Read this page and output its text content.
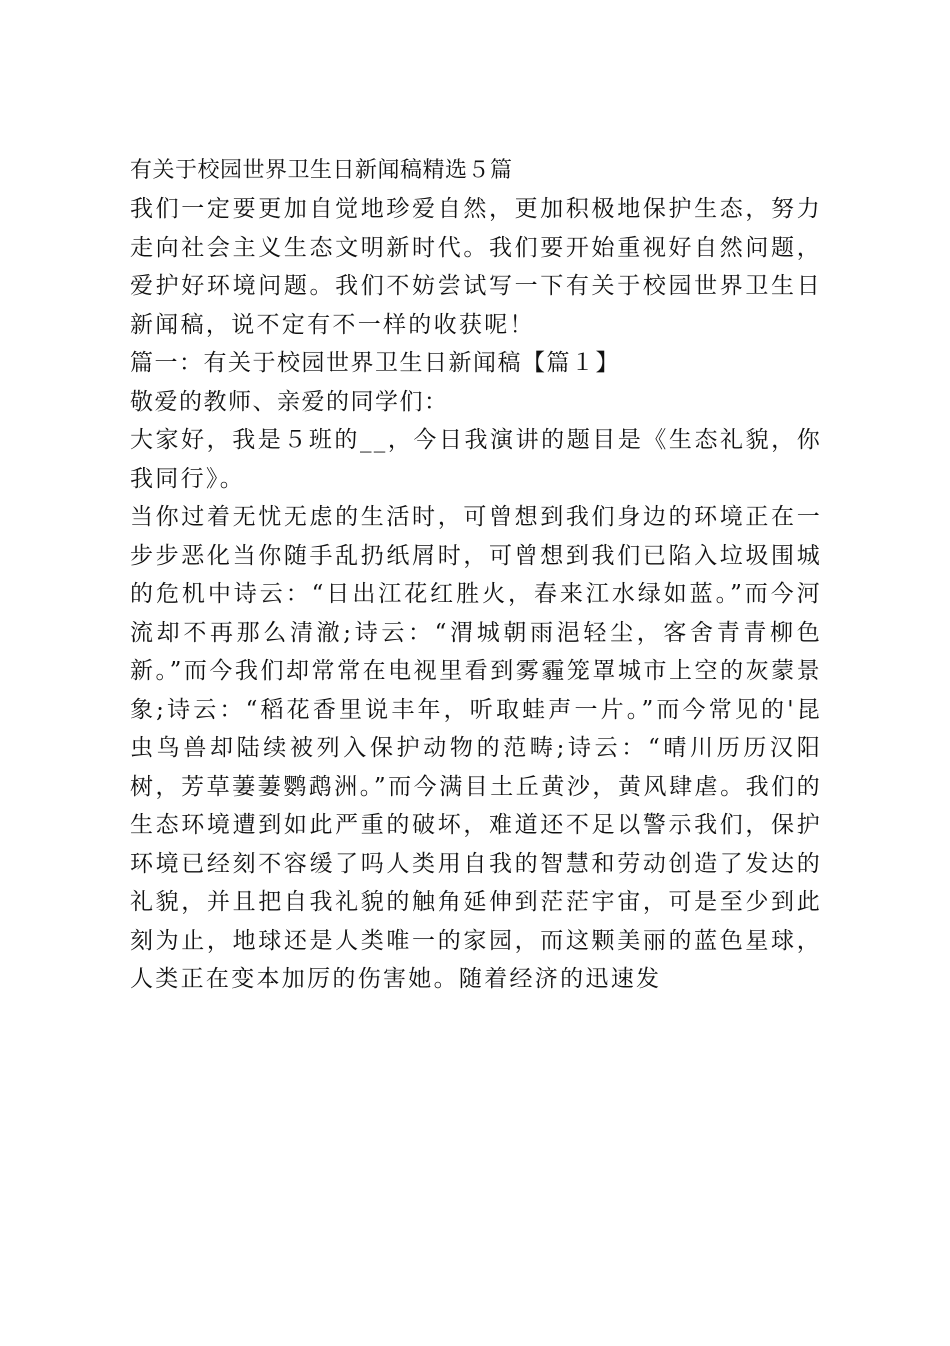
有关于校园世界卫生日新闻稿精选５篇

我们一定要更加自觉地珍爱自然，更加积极地保护生态，努力走向社会主义生态文明新时代。我们要开始重视好自然问题，爱护好环境问题。我们不妨尝试写一下有关于校园世界卫生日新闻稿，说不定有不一样的收获呢！

篇一：有关于校园世界卫生日新闻稿【篇１】

敬爱的教师、亲爱的同学们：

大家好，我是５班的__，今日我演讲的题目是《生态礼貌，你我同行》。

当你过着无忧无虑的生活时，可曾想到我们身边的环境正在一步步恶化当你随手乱扔纸屑时，可曾想到我们已陷入垃圾围城的危机中诗云：“日出江花红胜火，春来江水绿如蓝。”而今河流却不再那么清澈;诗云：“渭城朝雨浥轻尘，客舍青青柳色新。”而今我们却常常在电视里看到雾霾笼罩城市上空的灰蒙景象;诗云：“稻花香里说丰年，听取蛙声一片。”而今常见的'昆虫鸟兽却陆续被列入保护动物的范畴;诗云：“晴川历历汉阳树，芳草萋萋鹦鹉洲。”而今满目土丘黄沙，黄风肆虐。我们的生态环境遭到如此严重的破坏，难道还不足以警示我们，保护环境已经刻不容缓了吗人类用自我的智慧和劳动创造了发达的礼貌，并且把自我礼貌的触角延伸到茫茫宇宙，可是至少到此刻为止，地球还是人类唯一的家园，而这颗美丽的蓝色星球，人类正在变本加厉的伤害她。随着经济的迅速发
